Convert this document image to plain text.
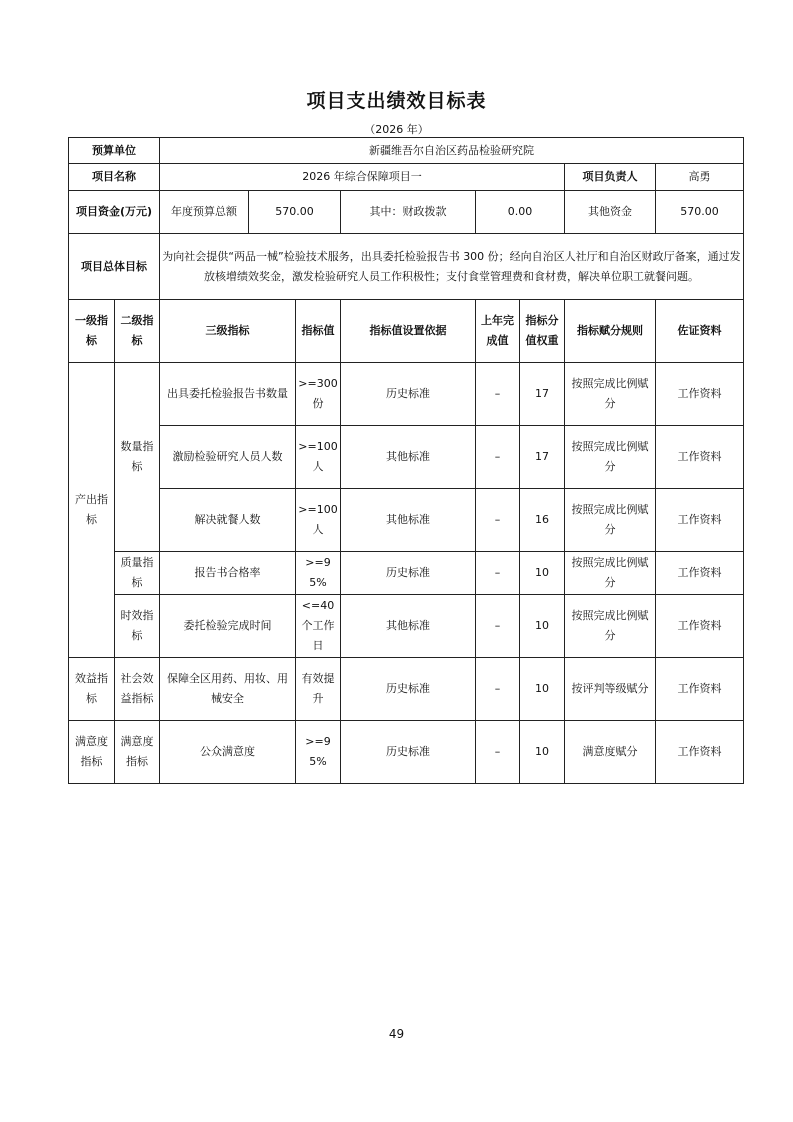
项目支出绩效目标表
（2026 年）
预算单位		新疆维吾尔自治区药品检验研究院							
项目名称		2026 年综合保障项目一						项目负责人	高勇
项目资金(万元)		年度预算总额	570.00		其中：财政拨款	0.00		其他资金	570.00
项目总体目标		为向社会提供“两品一械”检验技术服务，出具委托检验报告书 300 份；经向自治区人社厅和自治区财政厅备案，通过发放核增绩效奖金，激发检验研究人员工作积极性；支付食堂管理费和食材费，解决单位职工就餐问题。							
一级指标	二级指标	三级指标		指标值	指标值设置依据	上年完成值	指标分值权重	指标赋分规则	佐证资料
产出指标	数量指标	出具委托检验报告书数量		>=300份	历史标准	–	17	按照完成比例赋分	工作资料
		激励检验研究人员人数		>=100人	其他标准	–	17	按照完成比例赋分	工作资料
		解决就餐人数		>=100人	其他标准	–	16	按照完成比例赋分	工作资料
	质量指标	报告书合格率		>=95%	历史标准	–	10	按照完成比例赋分	工作资料
	时效指标	委托检验完成时间		<=40个工作日	其他标准	–	10	按照完成比例赋分	工作资料
效益指标	社会效益指标	保障全区用药、用妆、用械安全		有效提升	历史标准	–	10	按评判等级赋分	工作资料
满意度指标	满意度指标	公众满意度		>=95%	历史标准	–	10	满意度赋分	工作资料
49
